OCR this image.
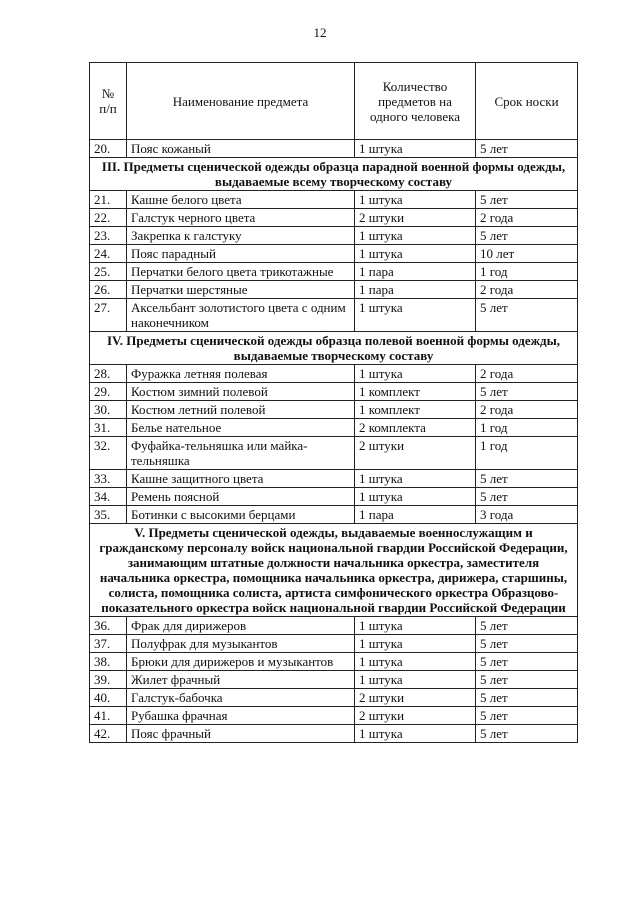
12
№
п/п	Наименование предмета	Количество предметов на одного человека	Срок носки
20.	Пояс кожаный	1 штука	5 лет
III. Предметы сценической одежды образца парадной военной формы одежды, выдаваемые всему творческому составу			
21.	Кашне белого цвета	1 штука	5 лет
22.	Галстук черного цвета	2 штуки	2 года
23.	Закрепка к галстуку	1 штука	5 лет
24.	Пояс парадный	1 штука	10 лет
25.	Перчатки белого цвета трикотажные	1 пара	1 год
26.	Перчатки шерстяные	1 пара	2 года
27.	Аксельбант золотистого цвета с одним наконечником	1 штука	5 лет
IV. Предметы сценической одежды образца полевой военной формы одежды, выдаваемые творческому составу			
28.	Фуражка летняя полевая	1 штука	2 года
29.	Костюм зимний полевой	1 комплект	5 лет
30.	Костюм летний полевой	1 комплект	2 года
31.	Белье нательное	2 комплекта	1 год
32.	Фуфайка-тельняшка или майка-тельняшка	2 штуки	1 год
33.	Кашне защитного цвета	1 штука	5 лет
34.	Ремень поясной	1 штука	5 лет
35.	Ботинки с высокими берцами	1 пара	3 года
V. Предметы сценической одежды, выдаваемые военнослужащим и гражданскому персоналу войск национальной гвардии Российской Федерации, занимающим штатные должности начальника оркестра, заместителя начальника оркестра, помощника начальника оркестра, дирижера, старшины, солиста, помощника солиста, артиста симфонического оркестра Образцово-показательного оркестра войск национальной гвардии Российской Федерации			
36.	Фрак для дирижеров	1 штука	5 лет
37.	Полуфрак для музыкантов	1 штука	5 лет
38.	Брюки для дирижеров и музыкантов	1 штука	5 лет
39.	Жилет фрачный	1 штука	5 лет
40.	Галстук-бабочка	2 штуки	5 лет
41.	Рубашка фрачная	2 штуки	5 лет
42.	Пояс фрачный	1 штука	5 лет
